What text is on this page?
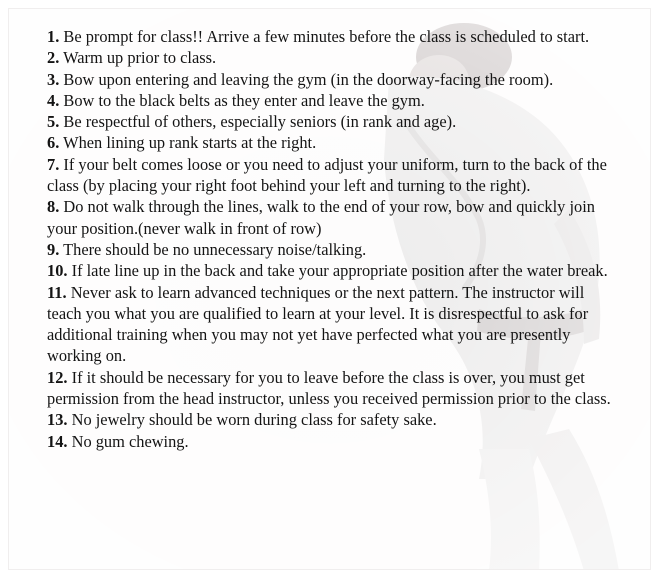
1. Be prompt for class!! Arrive a few minutes before the class is scheduled to start.
2. Warm up prior to class.
3. Bow upon entering and leaving the gym (in the doorway-facing the room).
4. Bow to the black belts as they enter and leave the gym.
5. Be respectful of others, especially seniors (in rank and age).
6. When lining up rank starts at the right.
7. If your belt comes loose or you need to adjust your uniform, turn to the back of the class (by placing your right foot behind your left and turning to the right).
8. Do not walk through the lines, walk to the end of your row, bow and quickly join your position.(never walk in front of row)
9. There should be no unnecessary noise/talking.
10. If late line up in the back and take your appropriate position after the water break.
11. Never ask to learn advanced techniques or the next pattern. The instructor will teach you what you are qualified to learn at your level. It is disrespectful to ask for additional training when you may not yet have perfected what you are presently working on.
12. If it should be necessary for you to leave before the class is over, you must get permission from the head instructor, unless you received permission prior to the class.
13. No jewelry should be worn during class for safety sake.
14. No gum chewing.
